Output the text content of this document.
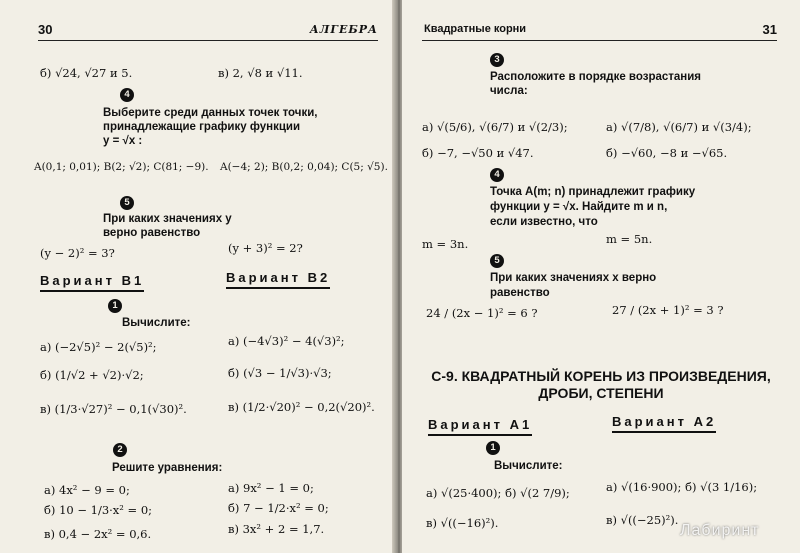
30	АЛГЕБРА
б) √24, √27 и 5.	в) 2, √8 и √11.
4
Выберите среди данных точек точки,
принадлежащие графику функции
y = √x :
A(0,1; 0,01); B(2; √2); C(81; −9). A(−4; 2); B(0,2; 0,04); C(5; √5).
5
При каких значениях y
верно равенство
(y − 2)² = 3?	(y + 3)² = 2?
Вариант В1	Вариант В2
1
Вычислите:
а) (−2√5)² − 2(√5)²;
б) (1/√2 + √2)·√2;
в) (1/3·√27)² − 0,1(√30)².
а) (−4√3)² − 4(√3)²;
б) (√3 − 1/√3)·√3;
в) (1/2·√20)² − 0,2(√20)².
2
Решите уравнения:
а) 4x² − 9 = 0;
б) 10 − 1/3·x² = 0;
в) 0,4 − 2x² = 0,6.
а) 9x² − 1 = 0;
б) 7 − 1/2·x² = 0;
в) 3x² + 2 = 1,7.
Квадратные корни	31
3
Расположите в порядке возрастания
числа:
а) √(5/6), √(6/7) и √(2/3);
б) −7, −√50 и √47.
а) √(7/8), √(6/7) и √(3/4);
б) −√60, −8 и −√65.
4
Точка A(m; n) принадлежит графику
функции y = √x. Найдите m и n,
если известно, что
m = 3n.	m = 5n.
5
При каких значениях x верно
равенство
24 / (2x − 1)² = 6 ?	27 / (2x + 1)² = 3 ?
С-9. КВАДРАТНЫЙ КОРЕНЬ ИЗ ПРОИЗВЕДЕНИЯ,
ДРОБИ, СТЕПЕНИ
Вариант А1	Вариант А2
1
Вычислите:
а) √(25·400); б) √(2 7/9);
в) √((−16)²).
а) √(16·900); б) √(3 1/16);
в) √((−25)²).
Лабиринт
